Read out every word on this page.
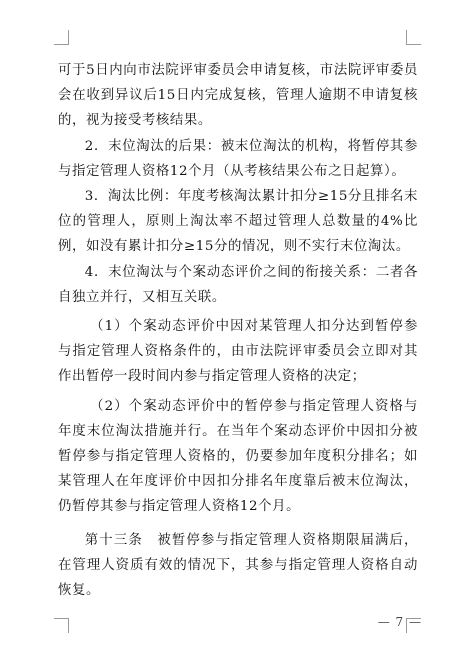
可于5日内向市法院评审委员会申请复核，市法院评审委员会在收到异议后15日内完成复核，管理人逾期不申请复核的，视为接受考核结果。

2．末位淘汰的后果：被末位淘汰的机构，将暂停其参与指定管理人资格12个月（从考核结果公布之日起算）。

3．淘汰比例：年度考核淘汰累计扣分≥15分且排名末位的管理人，原则上淘汰率不超过管理人总数量的4%比例，如没有累计扣分≥15分的情况，则不实行末位淘汰。

4．末位淘汰与个案动态评价之间的衔接关系：二者各自独立并行，又相互关联。

（1）个案动态评价中因对某管理人扣分达到暂停参与指定管理人资格条件的，由市法院评审委员会立即对其作出暂停一段时间内参与指定管理人资格的决定；

（2）个案动态评价中的暂停参与指定管理人资格与年度末位淘汰措施并行。在当年个案动态评价中因扣分被暂停参与指定管理人资格的，仍要参加年度积分排名；如某管理人在年度评价中因扣分排名年度靠后被末位淘汰，仍暂停其参与指定管理人资格12个月。

第十三条　被暂停参与指定管理人资格期限届满后，在管理人资质有效的情况下，其参与指定管理人资格自动恢复。

— 7 —
